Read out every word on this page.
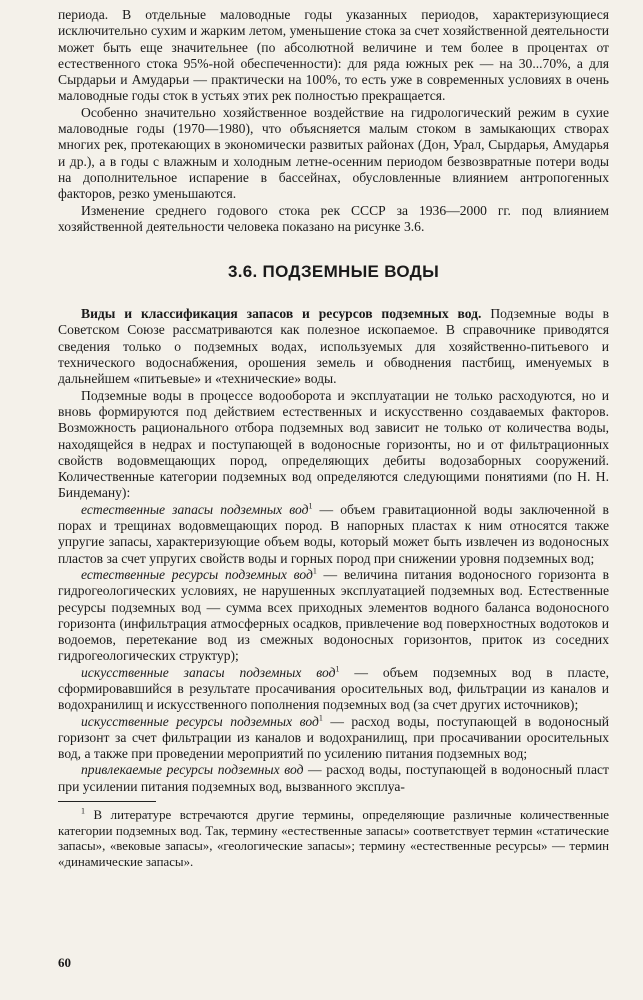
периода. В отдельные маловодные годы указанных периодов, характеризующиеся исключительно сухим и жарким летом, уменьшение стока за счет хозяйственной деятельности может быть еще значительнее (по абсолютной величине и тем более в процентах от естественного стока 95%-ной обеспеченности): для ряда южных рек — на 30...70%, а для Сырдарьи и Амударьи — практически на 100%, то есть уже в современных условиях в очень маловодные годы сток в устьях этих рек полностью прекращается.

Особенно значительно хозяйственное воздействие на гидрологический режим в сухие маловодные годы (1970—1980), что объясняется малым стоком в замыкающих створах многих рек, протекающих в экономически развитых районах (Дон, Урал, Сырдарья, Амударья и др.), а в годы с влажным и холодным летне-осенним периодом безвозвратные потери воды на дополнительное испарение в бассейнах, обусловленные влиянием антропогенных факторов, резко уменьшаются.

Изменение среднего годового стока рек СССР за 1936—2000 гг. под влиянием хозяйственной деятельности человека показано на рисунке 3.6.

3.6. ПОДЗЕМНЫЕ ВОДЫ

Виды и классификация запасов и ресурсов подземных вод. Подземные воды в Советском Союзе рассматриваются как полезное ископаемое. В справочнике приводятся сведения только о подземных водах, используемых для хозяйственно-питьевого и технического водоснабжения, орошения земель и обводнения пастбищ, именуемых в дальнейшем «питьевые» и «технические» воды.

Подземные воды в процессе водооборота и эксплуатации не только расходуются, но и вновь формируются под действием естественных и искусственно создаваемых факторов. Возможность рационального отбора подземных вод зависит не только от количества воды, находящейся в недрах и поступающей в водоносные горизонты, но и от фильтрационных свойств водовмещающих пород, определяющих дебиты водозаборных сооружений. Количественные категории подземных вод определяются следующими понятиями (по Н. Н. Биндеману):

естественные запасы подземных вод$^1$ — объем гравитационной воды заключенной в порах и трещинах водовмещающих пород. В напорных пластах к ним относятся также упругие запасы, характеризующие объем воды, который может быть извлечен из водоносных пластов за счет упругих свойств воды и горных пород при снижении уровня подземных вод;

естественные ресурсы подземных вод$^1$ — величина питания водоносного горизонта в гидрогеологических условиях, не нарушенных эксплуатацией подземных вод. Естественные ресурсы подземных вод — сумма всех приходных элементов водного баланса водоносного горизонта (инфильтрация атмосферных осадков, привлечение вод поверхностных водотоков и водоемов, перетекание вод из смежных водоносных горизонтов, приток из соседних гидрогеологических структур);

искусственные запасы подземных вод$^1$ — объем подземных вод в пласте, сформировавшийся в результате просачивания оросительных вод, фильтрации из каналов и водохранилищ и искусственного пополнения подземных вод (за счет других источников);

искусственные ресурсы подземных вод$^1$ — расход воды, поступающей в водоносный горизонт за счет фильтрации из каналов и водохранилищ, при просачивании оросительных вод, а также при проведении мероприятий по усилению питания подземных вод;

привлекаемые ресурсы подземных вод — расход воды, поступающей в водоносный пласт при усилении питания подземных вод, вызванного эксплуа-

$^1$ В литературе встречаются другие термины, определяющие различные количественные категории подземных вод. Так, термину «естественные запасы» соответствует термин «статические запасы», «вековые запасы», «геологические запасы»; термину «естественные ресурсы» — термин «динамические запасы».

60
